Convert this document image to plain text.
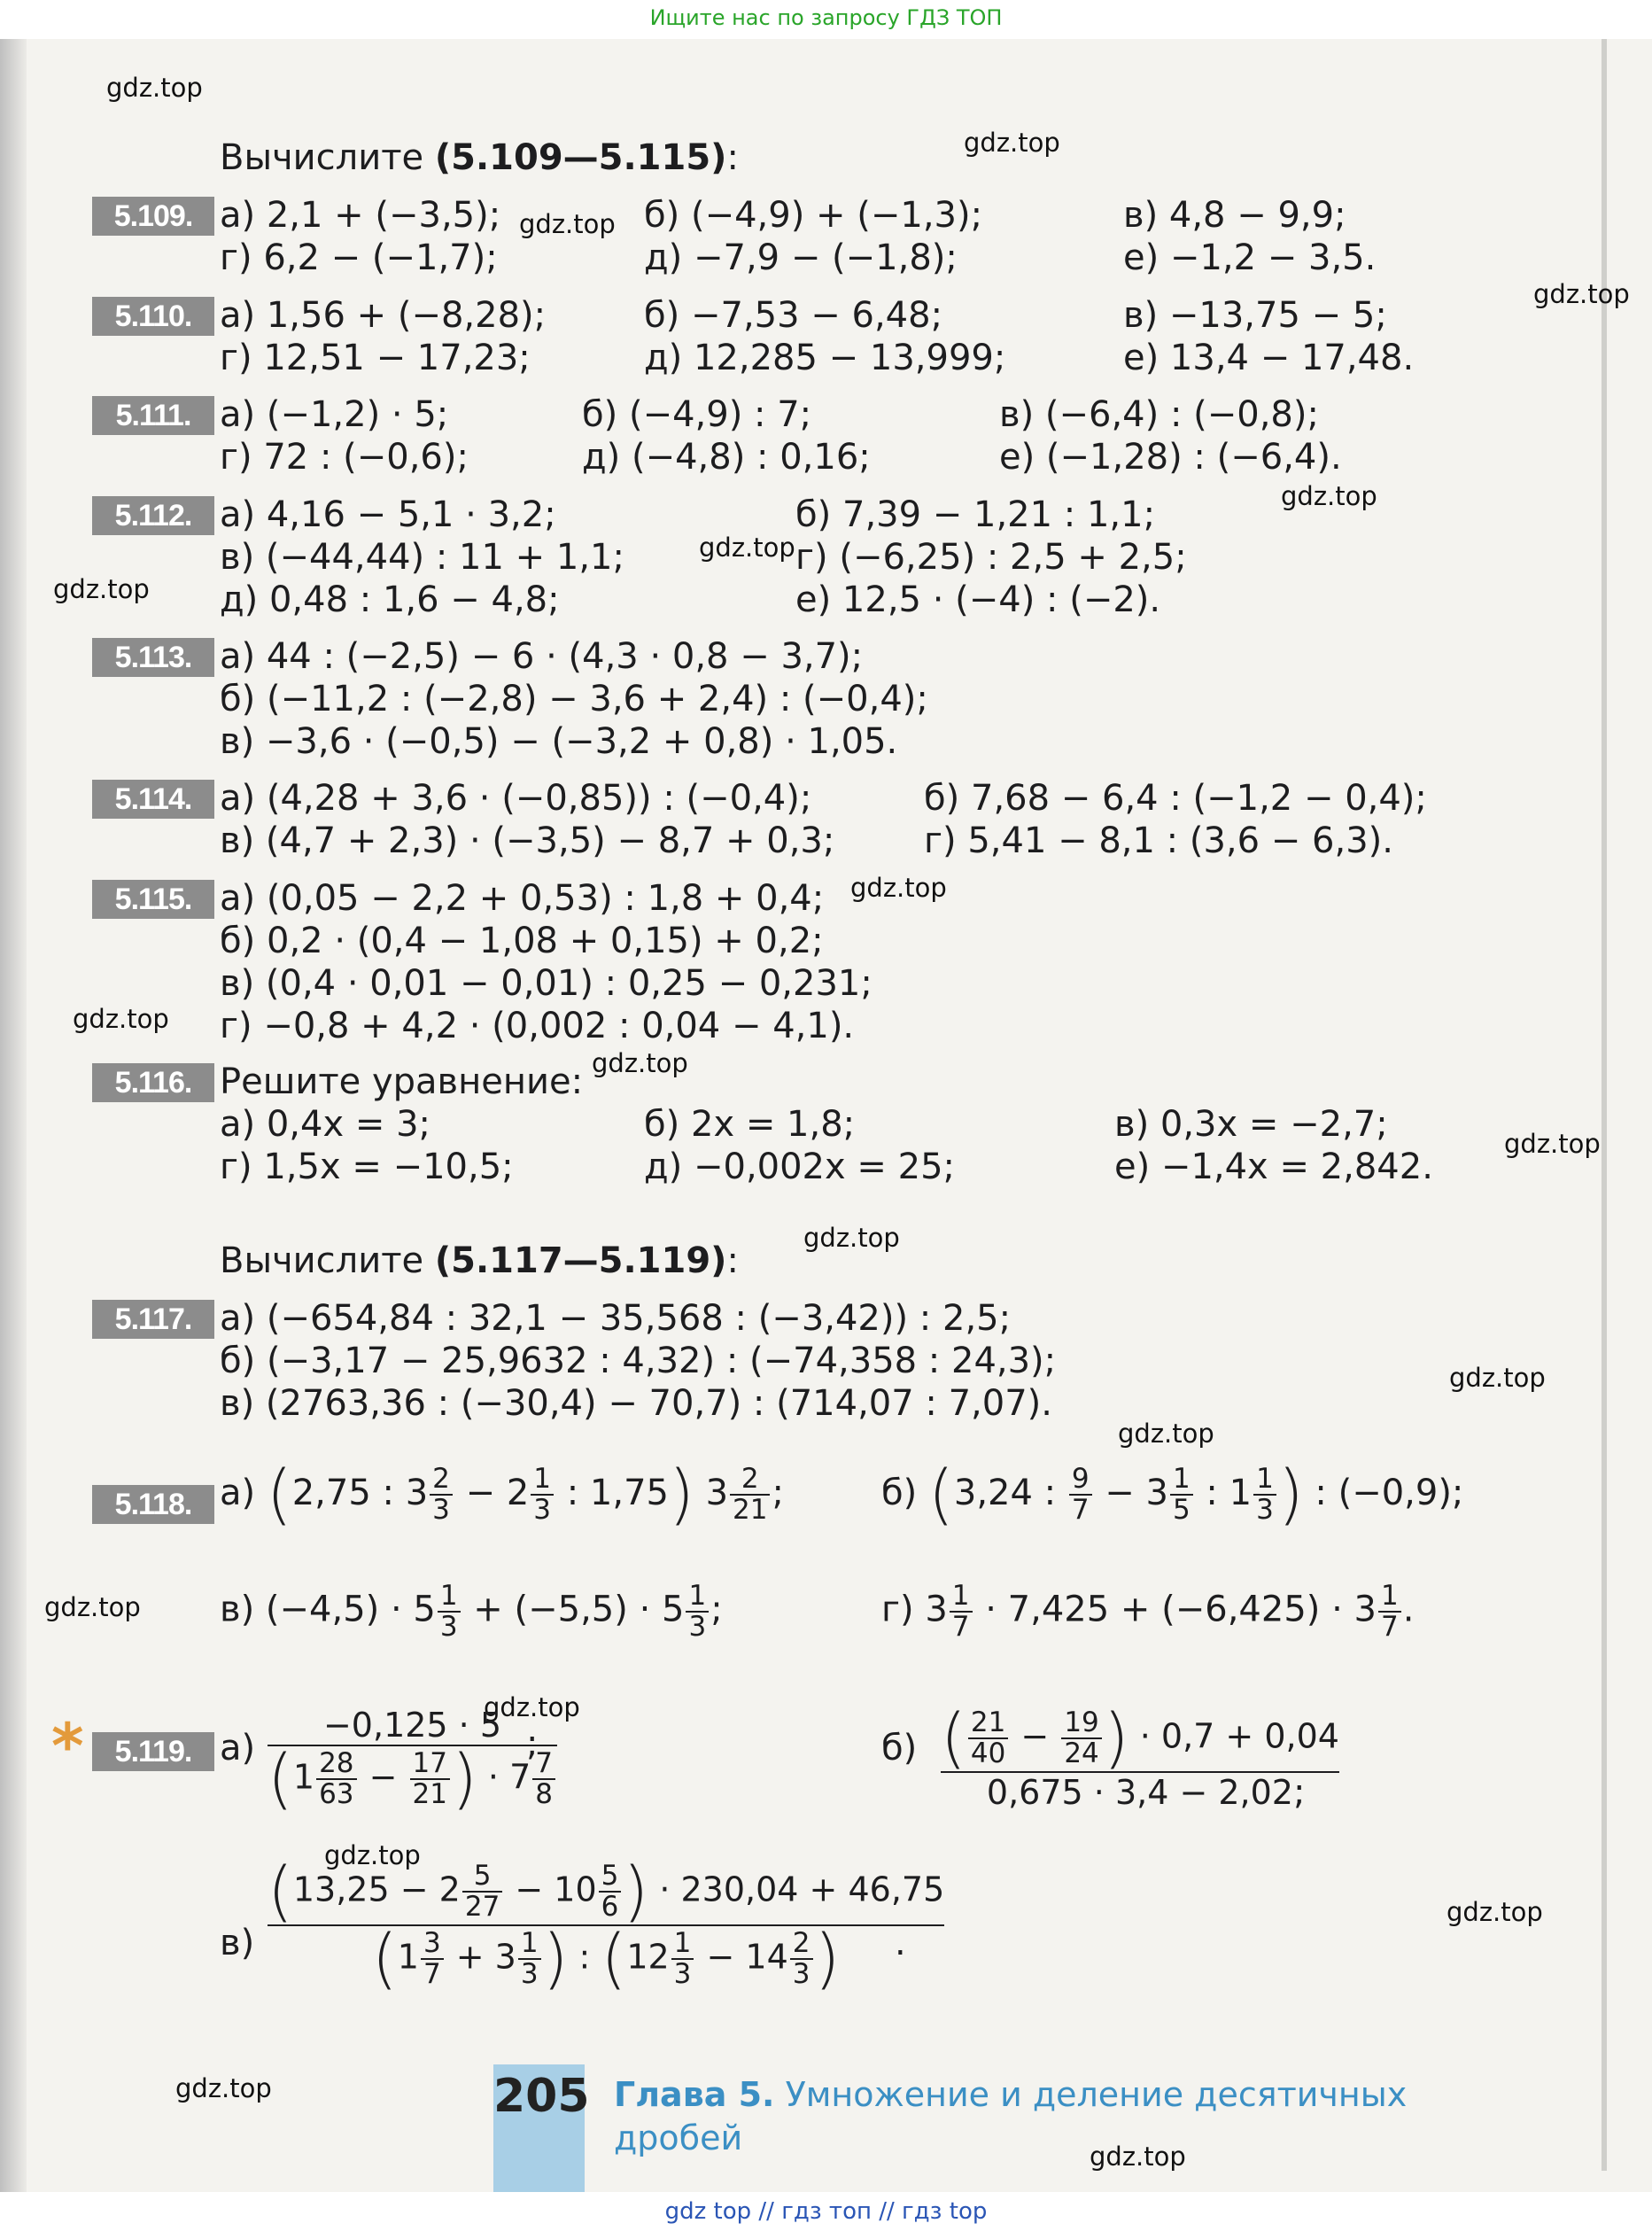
Ищите нас по запросу ГДЗ ТОП
gdz.top
gdz.top
gdz.top
gdz.top
gdz.top
gdz.top
gdz.top
gdz.top
gdz.top
gdz.top
gdz.top
gdz.top
gdz.top
gdz.top
gdz.top
gdz.top
gdz.top
gdz.top
gdz.top
gdz.top
Вычислите (5.109—5.115):
5.109. а) 2,1 + (−3,5);	б) (−4,9) + (−1,3);	в) 4,8 − 9,9;
г) 6,2 − (−1,7);	д) −7,9 − (−1,8);	е) −1,2 − 3,5.
5.110. а) 1,56 + (−8,28);	б) −7,53 − 6,48;	в) −13,75 − 5;
г) 12,51 − 17,23;	д) 12,285 − 13,999;	е) 13,4 − 17,48.
5.111. а) (−1,2) · 5;	б) (−4,9) : 7;	в) (−6,4) : (−0,8);
г) 72 : (−0,6);	д) (−4,8) : 0,16;	е) (−1,28) : (−6,4).
5.112. а) 4,16 − 5,1 · 3,2;	б) 7,39 − 1,21 : 1,1;
в) (−44,44) : 11 + 1,1;	г) (−6,25) : 2,5 + 2,5;
д) 0,48 : 1,6 − 4,8;	е) 12,5 · (−4) : (−2).
5.113. а) 44 : (−2,5) − 6 · (4,3 · 0,8 − 3,7);
б) (−11,2 : (−2,8) − 3,6 + 2,4) : (−0,4);
в) −3,6 · (−0,5) − (−3,2 + 0,8) · 1,05.
5.114. а) (4,28 + 3,6 · (−0,85)) : (−0,4);	б) 7,68 − 6,4 : (−1,2 − 0,4);
в) (4,7 + 2,3) · (−3,5) − 8,7 + 0,3;	г) 5,41 − 8,1 : (3,6 − 6,3).
5.115. а) (0,05 − 2,2 + 0,53) : 1,8 + 0,4;
б) 0,2 · (0,4 − 1,08 + 0,15) + 0,2;
в) (0,4 · 0,01 − 0,01) : 0,25 − 0,231;
г) −0,8 + 4,2 · (0,002 : 0,04 − 4,1).
5.116. Решите уравнение:
а) 0,4x = 3;	б) 2x = 1,8;	в) 0,3x = −2,7;
г) 1,5x = −10,5;	д) −0,002x = 25;	е) −1,4x = 2,842.
Вычислите (5.117—5.119):
5.117. а) (−654,84 : 32,1 − 35,568 : (−3,42)) : 2,5;
б) (−3,17 − 25,9632 : 4,32) : (−74,358 : 24,3);
в) (2763,36 : (−30,4) − 70,7) : (714,07 : 7,07).
5.118. а) (2,75 : $3 \frac{2}{3} - 2 \frac{1}{3}$ : 1,75) $3 \frac{2}{21}$ ;	б) (3,24 : $\frac{9}{7} - 3 \frac{1}{5}$ : $1 \frac{1}{3}$ ) : (−0,9);
в) $(-4,5) \cdot 5 \frac{1}{3} + (-5,5) \cdot 5 \frac{1}{3}$ ;	г) $3 \frac{1}{7} \cdot 7,425 + (-6,425) \cdot 3 \frac{1}{7}$ .
*	5.119. а)
−0,125 · 5
($1 \frac{28}{63} - \frac{17}{21}$ ) · $7 \frac{7}{8}$
;	б) ( $\frac{21}{40} - \frac{19}{24}$ ) · 0,7 + 0,04
0,675 · 3,4 − 2,02 ;
в)
($13,25 - 2 \frac{5}{27} - 10 \frac{5}{6}$ ) · 230,04 + 46,75
($1 \frac{3}{7} + 3 \frac{1}{3}$ ) : ($12 \frac{1}{3} - 14 \frac{2}{3}$ )	.
205 Глава 5. Умножение и деление десятичных
дробей
gdz top // гдз топ // гдз top
